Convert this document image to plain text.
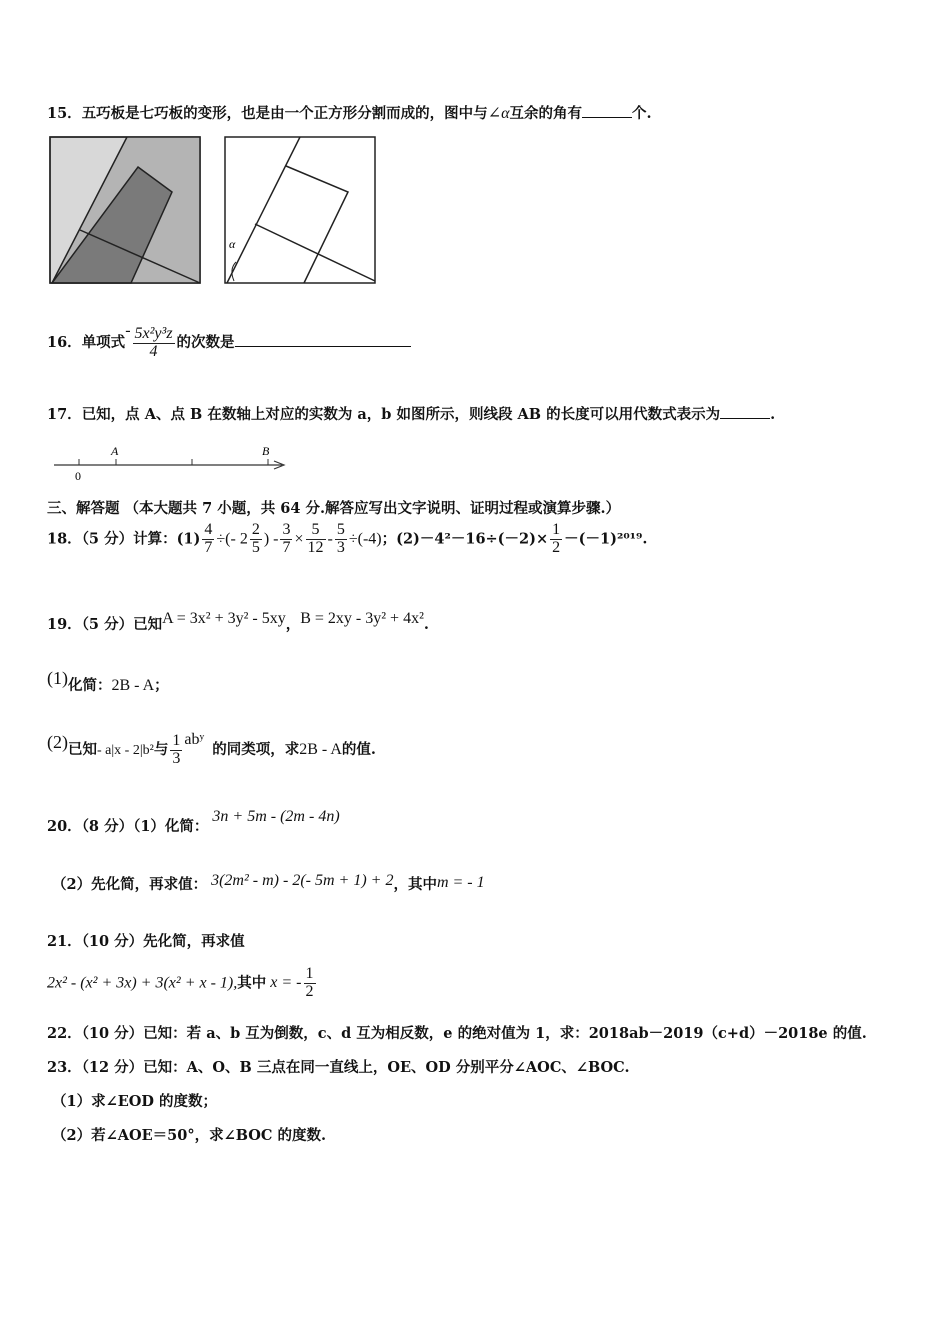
15．五巧板是七巧板的变形，也是由一个正方形分割而成的，图中与∠α互余的角有	个.
α
16．单项式- $\frac{\text{5x²y³z}}{4}$ 的次数是
17．已知，点 A、点 B 在数轴上对应的实数为 a，b 如图所示，则线段 AB 的长度可以用代数式表示为	.
0
A	B
三、解答题 （本大题共 7 小题，共 64 分.解答应写出文字说明、证明过程或演算步骤.）
18．（5 分）计算：$(1) \frac{4}{7}$ ÷(- $2 \frac{2}{5}$ ) - $\frac{3}{7} \times \frac{5}{12} - \frac{5}{3} \div(-4)$；$(2)-4^2-16\div(-2)\times \frac{1}{2} -(-1)^{2019}$.
19．（5 分）已知A = 3x² + 3y² - 5xy，B = 2xy - 3y² + 4x².
(1)化简：2B - A；
(2)已知- a|x - 2|b²与 $\frac{1}{3}$ abʸ的同类项，求2B - A的值.
20．（8 分）（1）化简：3n + 5m - (2m - 4n)
（2）先化简，再求值： 3(2m² - m) - 2(- 5m + 1) + 2，其中m = - 1
21．（10 分）先化简，再求值
2x² - (x² + 3x) + 3(x² + x - 1),其中 x = - $\frac{1}{2}$
22．（10 分）已知：若 a、b 互为倒数，c、d 互为相反数，e 的绝对值为 1，求：2018ab－2019（c+d）－2018e 的值.
23．（12 分）已知：A、O、B 三点在同一直线上，OE、OD 分别平分∠AOC、∠BOC.
（1）求∠EOD 的度数；
（2）若∠AOE＝50°，求∠BOC 的度数.
